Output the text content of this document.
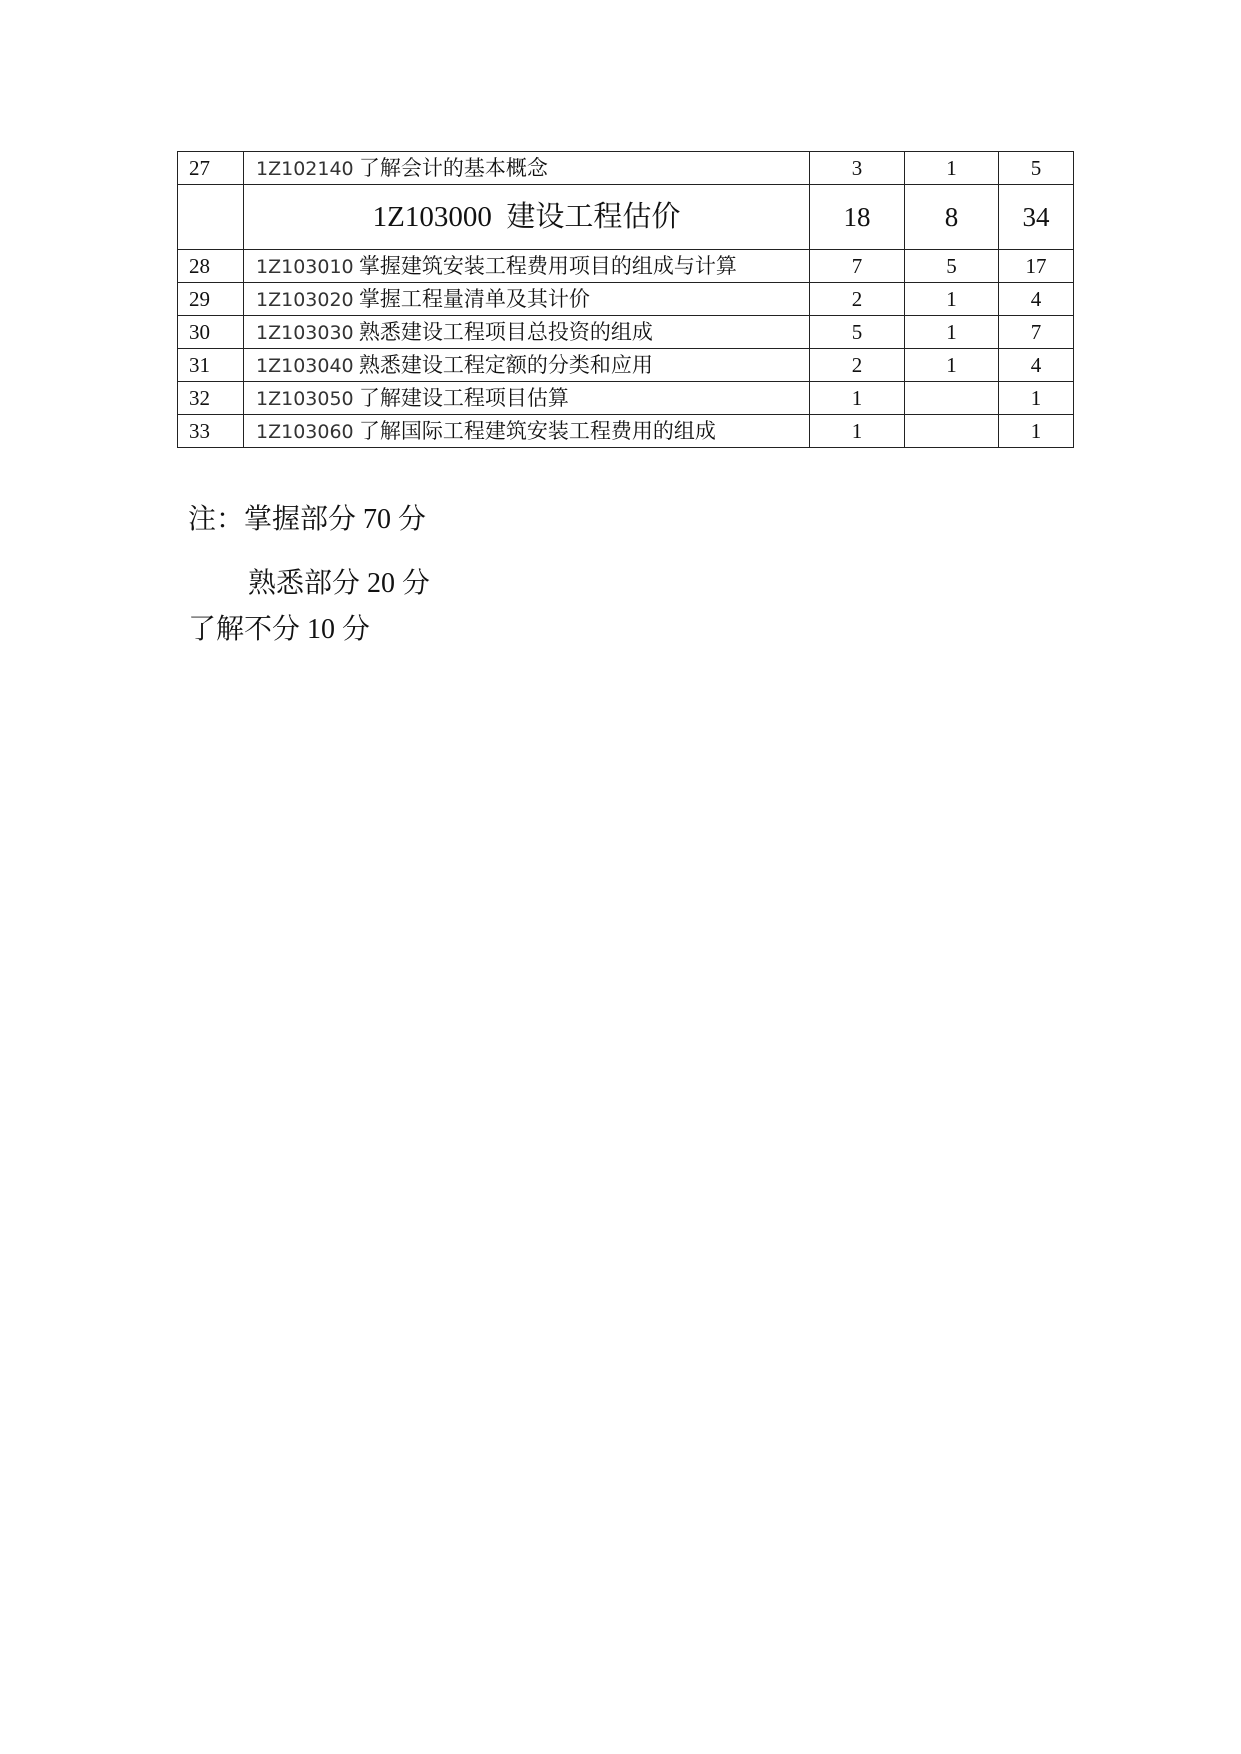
27	1Z102140 了解会计的基本概念	3	1	5
	1Z103000 建设工程估价	18	8	34
28	1Z103010 掌握建筑安装工程费用项目的组成与计算	7	5	17
29	1Z103020 掌握工程量清单及其计价	2	1	4
30	1Z103030 熟悉建设工程项目总投资的组成	5	1	7
31	1Z103040 熟悉建设工程定额的分类和应用	2	1	4
32	1Z103050 了解建设工程项目估算	1		1
33	1Z103060 了解国际工程建筑安装工程费用的组成	1		1
注：掌握部分 70 分
熟悉部分 20 分
了解不分 10 分
